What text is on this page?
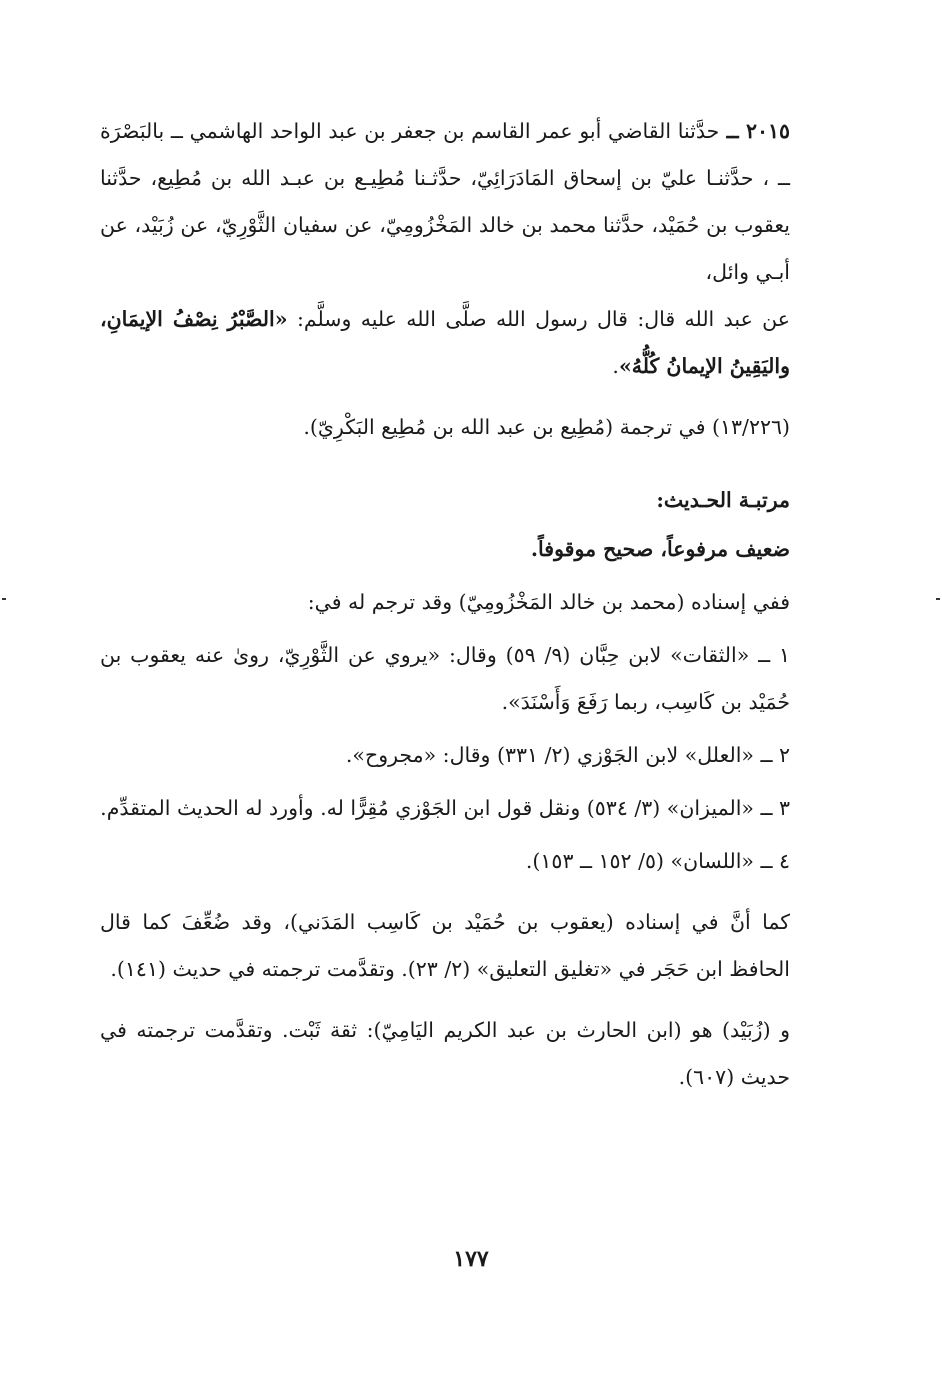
٢٠١٥ ــ حدَّثنا القاضي أبو عمر القاسم بن جعفر بن عبد الواحد الهاشمي ــ بالبَصْرَة ــ ، حدَّثنـا عليّ بن إسحاق المَادَرَائِيّ، حدَّثـنا مُطِيـع بن عبـد الله بن مُطِيع، حدَّثنا يعقوب بن حُمَيْد، حدَّثنا محمد بن خالد المَخْزُومِيّ، عن سفيان الثَّوْرِيّ، عن زُبَيْد، عن أبـي وائل،

عن عبد الله قال: قال رسول الله صلَّى الله عليه وسلَّم: «الصَّبْرُ نِصْفُ الإيمَانِ، واليَقِينُ الإيمانُ كُلُّهُ».

(١٣/٢٢٦) في ترجمة (مُطِيع بن عبد الله بن مُطِيع البَكْرِيّ).

مرتبـة الحـديث:

ضعيف مرفوعاً، صحيح موقوفاً.

ففي إسناده (محمد بن خالد المَخْزُومِيّ) وقد ترجم له في:

١ ــ «الثقات» لابن حِبَّان (٩/ ٥٩) وقال: «يروي عن الثَّوْرِيّ، روىٰ عنه يعقوب بن حُمَيْد بن كَاسِب، ربما رَفَعَ وَأَسْنَدَ».

٢ ــ «العلل» لابن الجَوْزي (٢/ ٣٣١) وقال: «مجروح».

٣ ــ «الميزان» (٣/ ٥٣٤) ونقل قول ابن الجَوْزي مُقِرًّا له. وأورد له الحديث المتقدِّم.

٤ ــ «اللسان» (٥/ ١٥٢ ــ ١٥٣).

كما أنَّ في إسناده (يعقوب بن حُمَيْد بن كَاسِب المَدَني)، وقد ضُعِّفَ كما قال الحافظ ابن حَجَر في «تغليق التعليق» (٢/ ٢٣). وتقدَّمت ترجمته في حديث (١٤١).

و (زُبَيْد) هو (ابن الحارث بن عبد الكريم اليَامِيّ): ثقة ثَبْت. وتقدَّمت ترجمته في حديث (٦٠٧).

١٧٧
